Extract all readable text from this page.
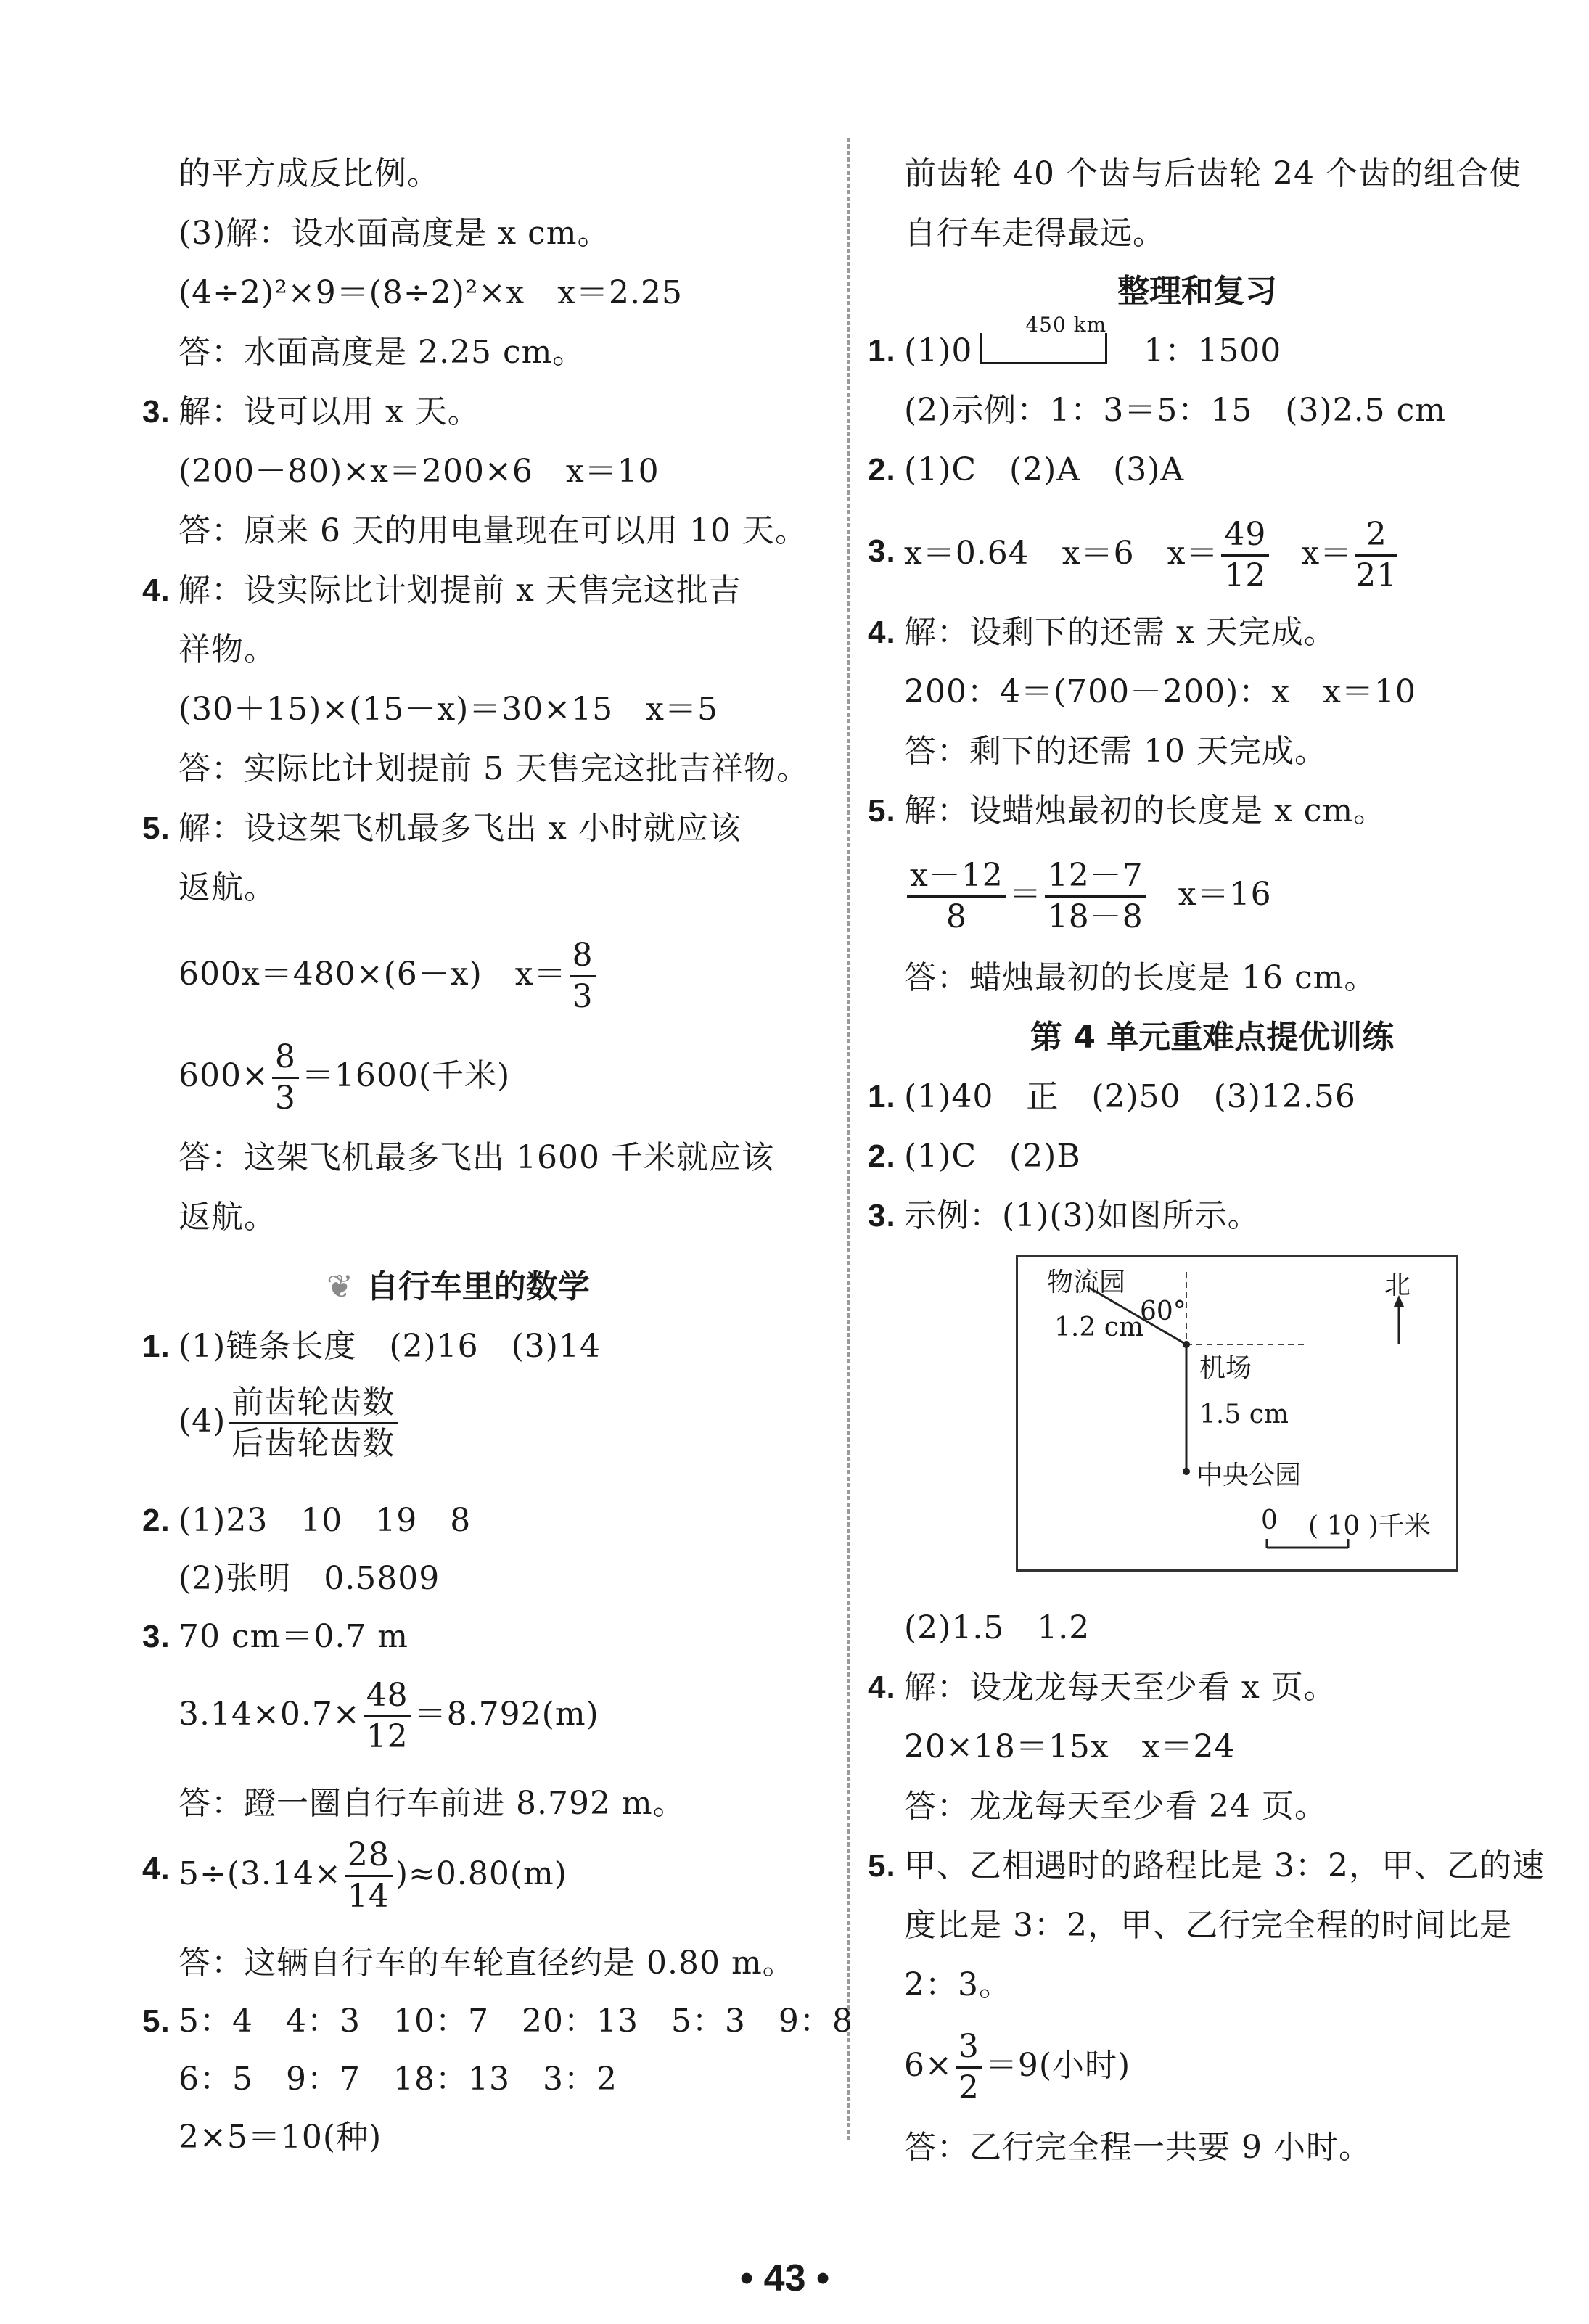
的平方成反比例。
(3)解：设水面高度是 x cm。
(4÷2)²×9＝(8÷2)²×x　x＝2.25
答：水面高度是 2.25 cm。
3. 解：设可以用 x 天。
(200－80)×x＝200×6　x＝10
答：原来 6 天的用电量现在可以用 10 天。
4. 解：设实际比计划提前 x 天售完这批吉
祥物。
(30＋15)×(15－x)＝30×15　x＝5
答：实际比计划提前 5 天售完这批吉祥物。
5. 解：设这架飞机最多飞出 x 小时就应该
返航。
600x＝480×(6－x)　$x= \frac{8}{3}$
$600\times \frac{8}{3} =1600$(千米)
答：这架飞机最多飞出 1600 千米就应该
返航。
❦ 自行车里的数学
1. (1)链条长度　(2)16　(3)14
$(4) \frac{\text{前齿轮齿数}}{\text{后齿轮齿数}}$
2. (1)23　10　19　8
(2)张明　0.5809
3. 70 cm＝0.7 m
$3.14\times 0.7\times \frac{48}{12} =8.792(m)$
答：蹬一圈自行车前进 8.792 m。
4. $5\div(3.14\times \frac{28}{14} )\approx 0.80(m)$
答：这辆自行车的车轮直径约是 0.80 m。
5. 5：4　4：3　10：7　20：13　5：3　9：8
6：5　9：7　18：13　3：2
2×5＝10(种)
前齿轮 40 个齿与后齿轮 24 个齿的组合使
自行车走得最远。
整理和复习
1. (1)0
450 km
1：1500
(2)示例：1：3＝5：15　(3)2.5 cm
2. (1)C　(2)A　(3)A
3. x＝0.64　x＝6　$x= \frac{49}{12} x= \frac{2}{21}$
4. 解：设剩下的还需 x 天完成。
200：4＝(700－200)：x　x＝10
答：剩下的还需 10 天完成。
5. 解：设蜡烛最初的长度是 x cm。
$\frac{x-12}{8} = \frac{12-7}{18-8} x=16$
答：蜡烛最初的长度是 16 cm。
第 4 单元重难点提优训练
1. (1)40　正　(2)50　(3)12.56
2. (1)C　(2)B
3. 示例：(1)(3)如图所示。
物流园
60°
1.2 cm
北
机场
1.5 cm
中央公园
0 ( 10 )千米
(2)1.5　1.2
4. 解：设龙龙每天至少看 x 页。
20×18＝15x　x＝24
答：龙龙每天至少看 24 页。
5. 甲、乙相遇时的路程比是 3：2，甲、乙的速
度比是 3：2，甲、乙行完全程的时间比是
2：3。
$6\times \frac{3}{2} =9$(小时)
答：乙行完全程一共要 9 小时。
• 43 •
